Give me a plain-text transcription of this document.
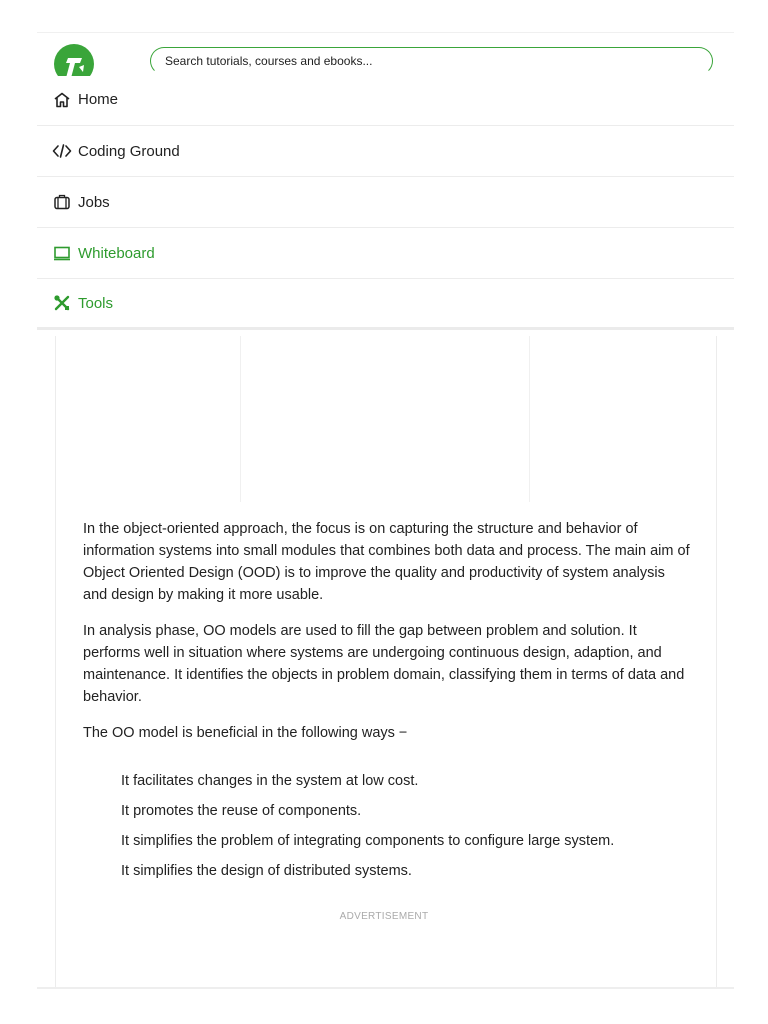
Search tutorials, courses and ebooks...
Home
Coding Ground
Jobs
Whiteboard
Tools

In the object-oriented approach, the focus is on capturing the structure and behavior of information systems into small modules that combines both data and process. The main aim of Object Oriented Design (OOD) is to improve the quality and productivity of system analysis and design by making it more usable.

In analysis phase, OO models are used to fill the gap between problem and solution. It performs well in situation where systems are undergoing continuous design, adaption, and maintenance. It identifies the objects in problem domain, classifying them in terms of data and behavior.

The OO model is beneficial in the following ways −

It facilitates changes in the system at low cost.
It promotes the reuse of components.
It simplifies the problem of integrating components to configure large system.
It simplifies the design of distributed systems.
ADVERTISEMENT
